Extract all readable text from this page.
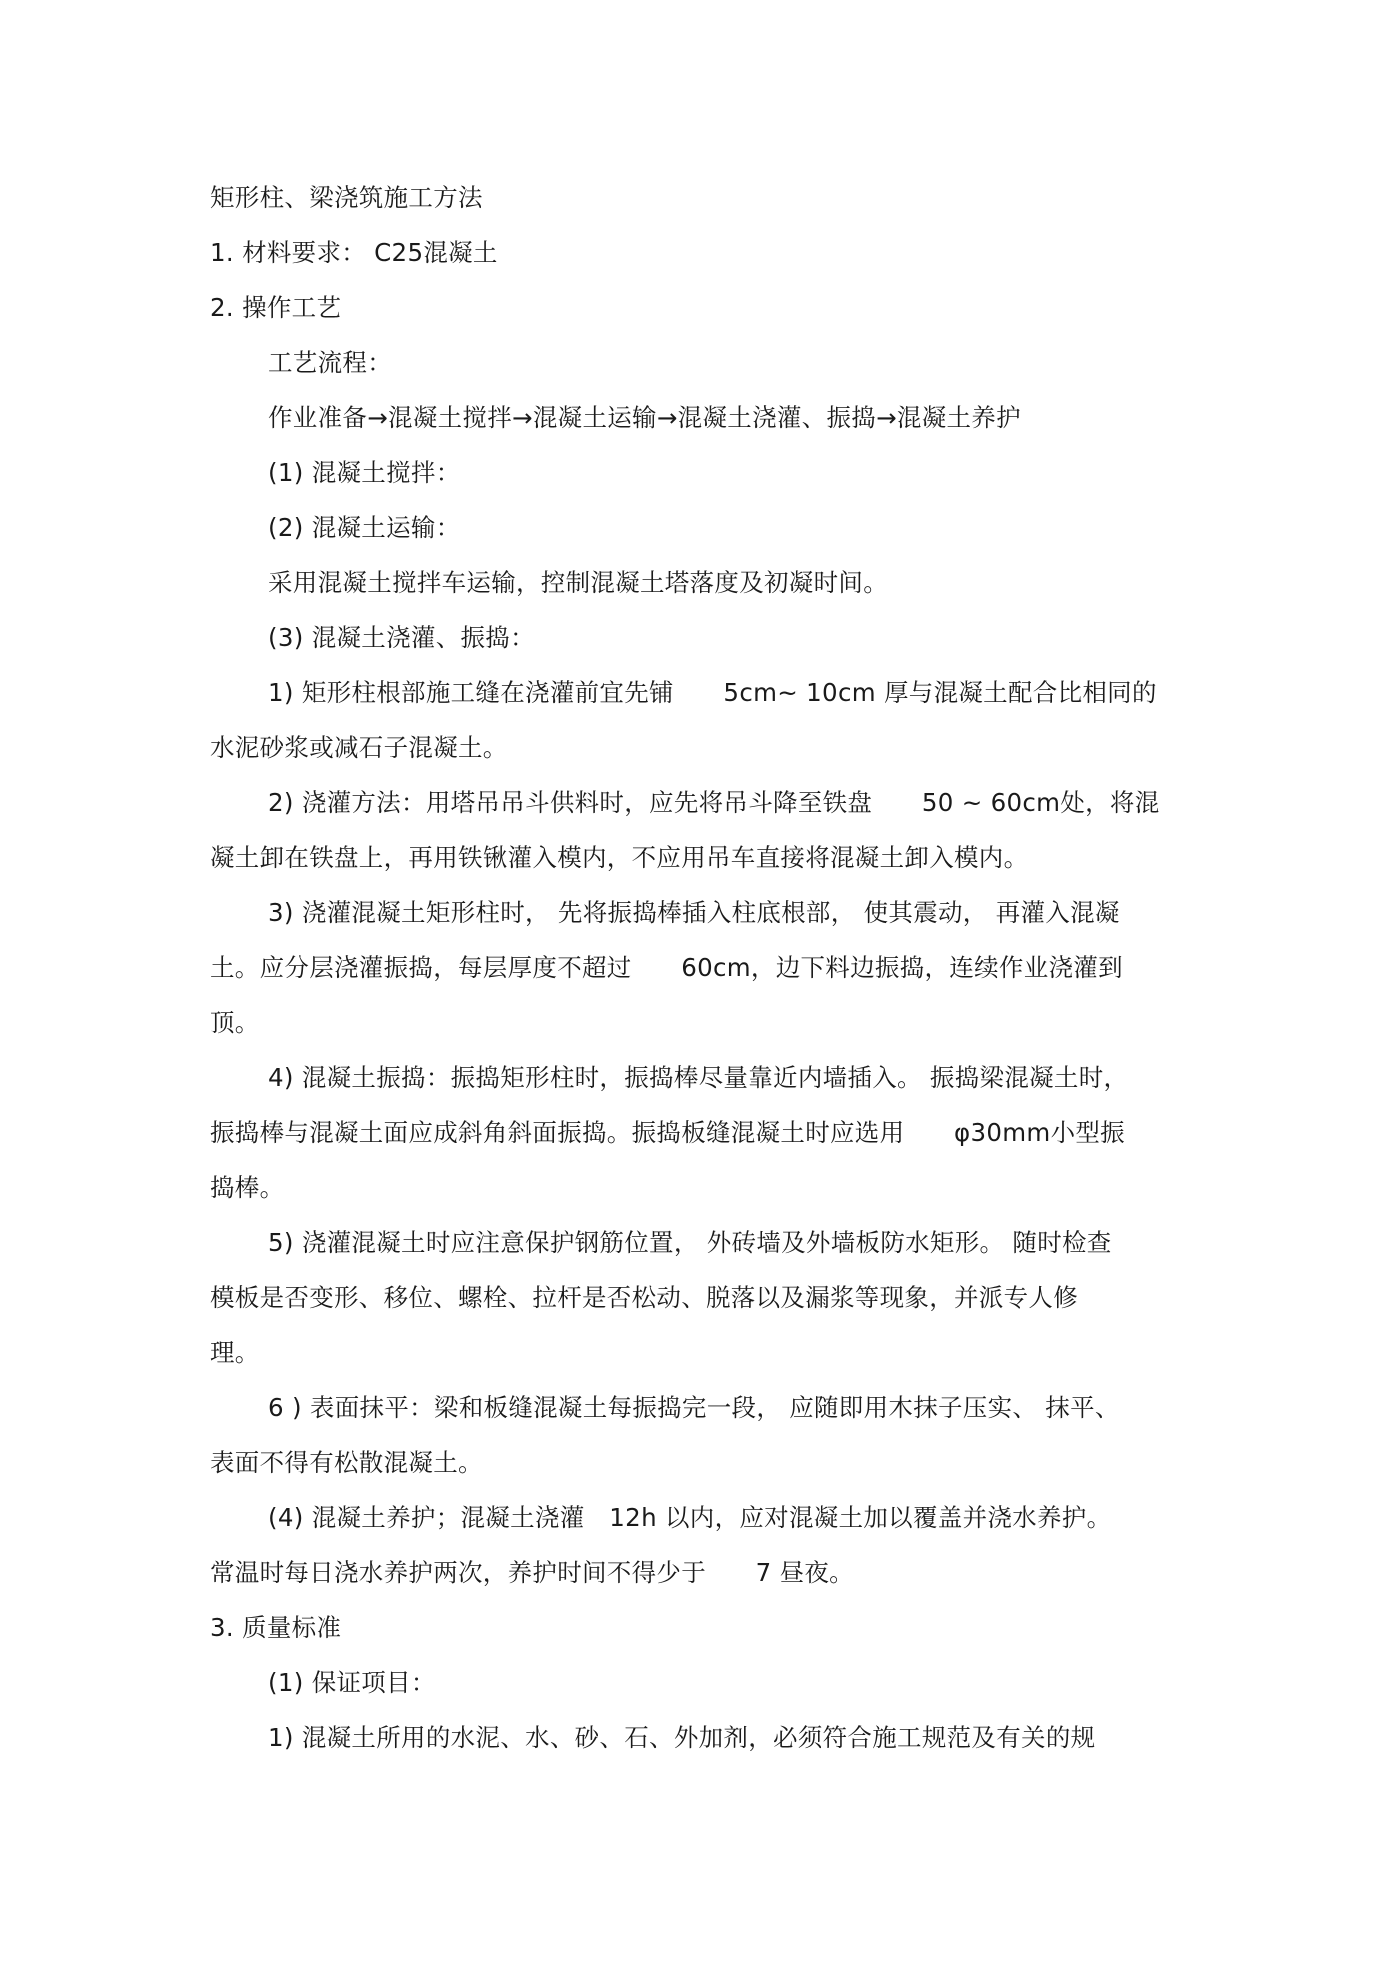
矩形柱、梁浇筑施工方法
1. 材料要求： C25混凝土
2. 操作工艺
工艺流程：
作业准备→混凝土搅拌→混凝土运输→混凝土浇灌、振捣→混凝土养护
(1) 混凝土搅拌：
(2) 混凝土运输：
采用混凝土搅拌车运输，控制混凝土塔落度及初凝时间。
(3) 混凝土浇灌、振捣：
1) 矩形柱根部施工缝在浇灌前宜先铺　　5cm~ 10cm 厚与混凝土配合比相同的
水泥砂浆或减石子混凝土。
2) 浇灌方法：用塔吊吊斗供料时，应先将吊斗降至铁盘　　50 ~ 60cm处，将混
凝土卸在铁盘上，再用铁锹灌入模内，不应用吊车直接将混凝土卸入模内。
3) 浇灌混凝土矩形柱时， 先将振捣棒插入柱底根部， 使其震动， 再灌入混凝
土。应分层浇灌振捣，每层厚度不超过　　60cm，边下料边振捣，连续作业浇灌到
顶。
4) 混凝土振捣：振捣矩形柱时，振捣棒尽量靠近内墙插入。 振捣梁混凝土时，
振捣棒与混凝土面应成斜角斜面振捣。振捣板缝混凝土时应选用　　φ30mm小型振
捣棒。
5) 浇灌混凝土时应注意保护钢筋位置， 外砖墙及外墙板防水矩形。 随时检查
模板是否变形、移位、螺栓、拉杆是否松动、脱落以及漏浆等现象，并派专人修
理。
6 ) 表面抹平：梁和板缝混凝土每振捣完一段， 应随即用木抹子压实、 抹平、
表面不得有松散混凝土。
(4) 混凝土养护；混凝土浇灌　12h 以内，应对混凝土加以覆盖并浇水养护。
常温时每日浇水养护两次，养护时间不得少于　　7 昼夜。
3. 质量标准
(1) 保证项目：
1) 混凝土所用的水泥、水、砂、石、外加剂，必须符合施工规范及有关的规
